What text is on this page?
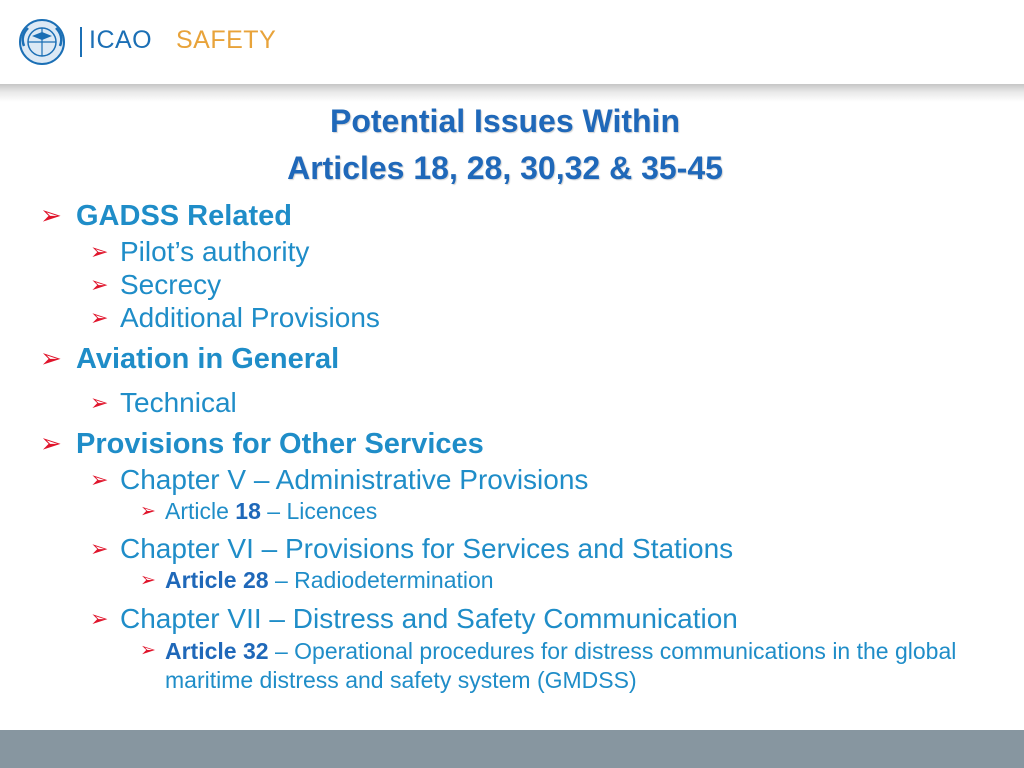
ICAO SAFETY
Potential Issues Within
Articles 18, 28, 30,32 & 35-45
➢ GADSS Related
➢ Pilot’s authority
➢ Secrecy
➢ Additional Provisions
➢ Aviation in General
➢ Technical
➢ Provisions for Other Services
➢ Chapter V – Administrative Provisions
➢ Article 18 – Licences
➢ Chapter VI – Provisions for Services and Stations
➢ Article 28 – Radiodetermination
➢ Chapter VII – Distress and Safety Communication
➢ Article 32 – Operational procedures for distress communications in the global maritime distress and safety system (GMDSS)
